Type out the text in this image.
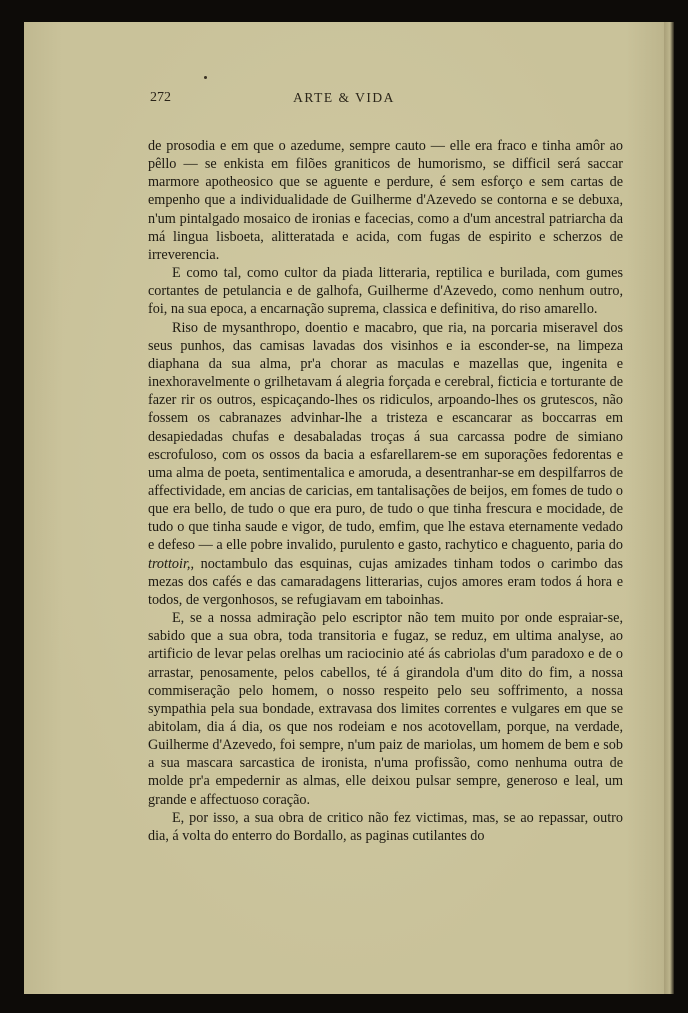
272	ARTE & VIDA

de prosodia e em que o azedume, sempre cauto — elle era fraco e tinha amôr ao pêllo — se enkista em filões graniticos de humorismo, se difficil será saccar marmore apotheosico que se aguente e perdure, é sem esforço e sem cartas de empenho que a individualidade de Guilherme d'Azevedo se contorna e se debuxa, n'um pintalgado mosaico de ironias e facecias, como a d'um ancestral patriarcha da má lingua lisboeta, alitteratada e acida, com fugas de espirito e scherzos de irreverencia.

E como tal, como cultor da piada litteraria, reptilica e burilada, com gumes cortantes de petulancia e de galhofa, Guilherme d'Azevedo, como nenhum outro, foi, na sua epoca, a encarnação suprema, classica e definitiva, do riso amarello.

Riso de mysanthropo, doentio e macabro, que ria, na porcaria miseravel dos seus punhos, das camisas lavadas dos visinhos e ia esconder-se, na limpeza diaphana da sua alma, pr'a chorar as maculas e mazellas que, ingenita e inexhoravelmente o grilhetavam á alegria forçada e cerebral, ficticia e torturante de fazer rir os outros, espicaçando-lhes os ridiculos, arpoando-lhes os grutescos, não fossem os cabranazes advinhar-lhe a tristeza e escancarar as boccarras em desapiedadas chufas e desabaladas troças á sua carcassa podre de simiano escrofuloso, com os ossos da bacia a esfarellarem-se em suporações fedorentas e uma alma de poeta, sentimentalica e amoruda, a desentranhar-se em despilfarros de affectividade, em ancias de caricias, em tantalisações de beijos, em fomes de tudo o que era bello, de tudo o que era puro, de tudo o que tinha frescura e mocidade, de tudo o que tinha saude e vigor, de tudo, emfim, que lhe estava eternamente vedado e defeso — a elle pobre invalido, purulento e gasto, rachytico e chaguento, paria do trottoir,, noctambulo das esquinas, cujas amizades tinham todos o carimbo das mezas dos cafés e das camaradagens litterarias, cujos amores eram todos á hora e todos, de vergonhosos, se refugiavam em taboinhas.

E, se a nossa admiração pelo escriptor não tem muito por onde espraiar-se, sabido que a sua obra, toda transitoria e fugaz, se reduz, em ultima analyse, ao artificio de levar pelas orelhas um raciocinio até ás cabriolas d'um paradoxo e de o arrastar, penosamente, pelos cabellos, té á girandola d'um dito do fim, a nossa commiseração pelo homem, o nosso respeito pelo seu soffrimento, a nossa sympathia pela sua bondade, extravasa dos limites correntes e vulgares em que se abitolam, dia á dia, os que nos rodeiam e nos acotovellam, porque, na verdade, Guilherme d'Azevedo, foi sempre, n'um paiz de mariolas, um homem de bem e sob a sua mascara sarcastica de ironista, n'uma profissão, como nenhuma outra de molde pr'a empedernir as almas, elle deixou pulsar sempre, generoso e leal, um grande e affectuoso coração.

E, por isso, a sua obra de critico não fez victimas, mas, se ao repassar, outro dia, á volta do enterro do Bordallo, as paginas cutilantes do
